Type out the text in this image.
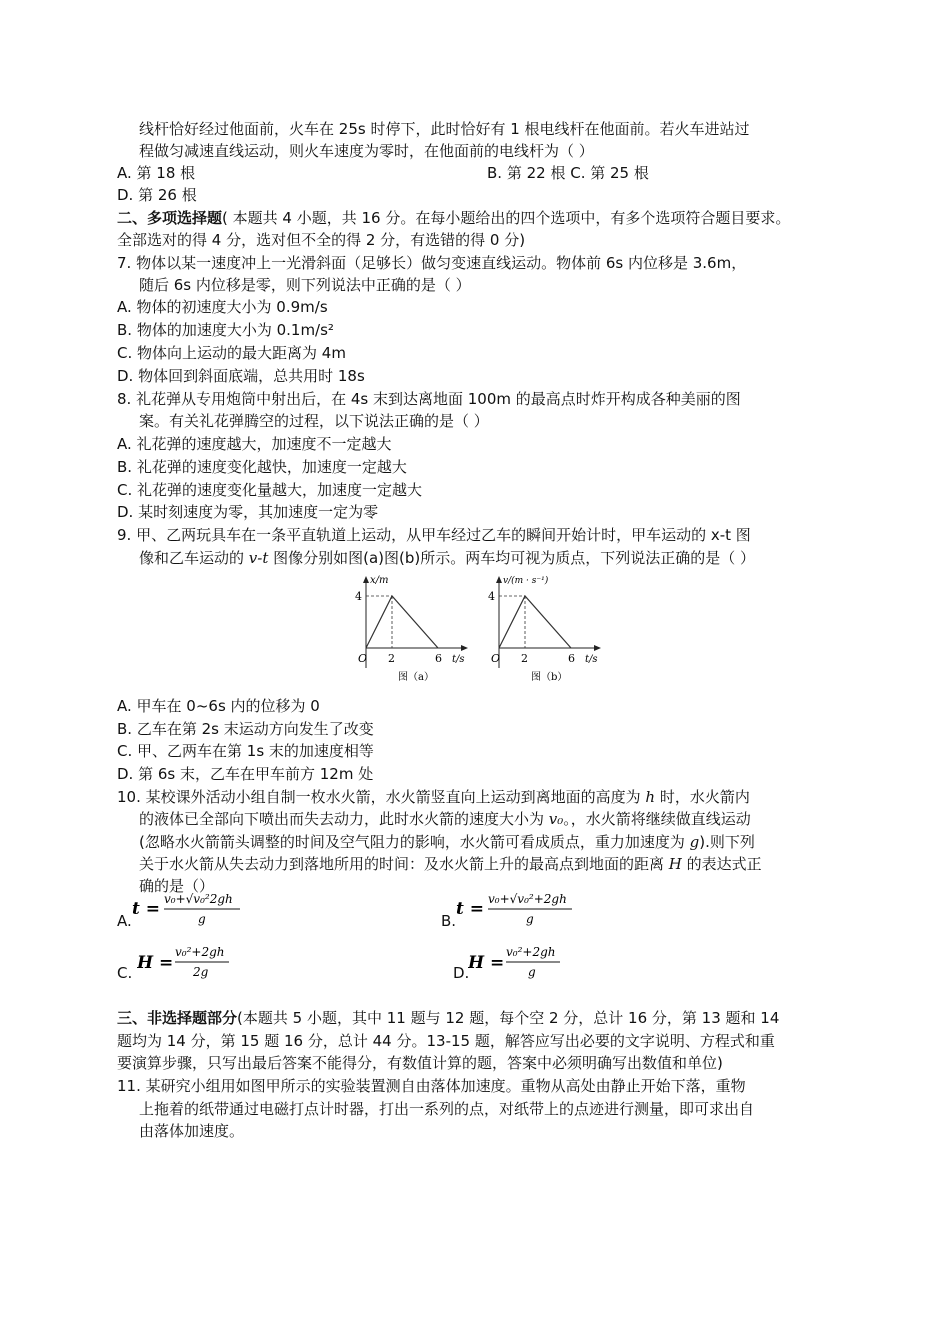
线杆恰好经过他面前，火车在 25s 时停下，此时恰好有 1 根电线杆在他面前。若火车进站过
程做匀减速直线运动，则火车速度为零时，在他面前的电线杆为（ ）
A. 第 18 根	B. 第 22 根 C. 第 25 根
D. 第 26 根
二、多项选择题( 本题共 4 小题，共 16 分。在每小题给出的四个选项中，有多个选项符合题目要求。
全部选对的得 4 分，选对但不全的得 2 分，有选错的得 0 分)
7. 物体以某一速度冲上一光滑斜面（足够长）做匀变速直线运动。物体前 6s 内位移是 3.6m，
随后 6s 内位移是零，则下列说法中正确的是（ ）
A. 物体的初速度大小为 0.9m/s
B. 物体的加速度大小为 0.1m/s²
C. 物体向上运动的最大距离为 4m
D. 物体回到斜面底端，总共用时 18s
8. 礼花弹从专用炮筒中射出后，在 4s 末到达离地面 100m 的最高点时炸开构成各种美丽的图
案。有关礼花弹腾空的过程，以下说法正确的是（ ）
A. 礼花弹的速度越大，加速度不一定越大
B. 礼花弹的速度变化越快，加速度一定越大
C. 礼花弹的速度变化量越大，加速度一定越大
D. 某时刻速度为零，其加速度一定为零
9. 甲、乙两玩具车在一条平直轨道上运动，从甲车经过乙车的瞬间开始计时，甲车运动的 x-t 图
像和乙车运动的 v-t 图像分别如图(a)图(b)所示。两车均可视为质点，下列说法正确的是（ ）
x/m
4
O 2	6 t/s
图（a）
v/(m · s⁻¹)
4
O 2	6 t/s
图（b）
A. 甲车在 0~6s 内的位移为 0
B. 乙车在第 2s 末运动方向发生了改变
C. 甲、乙两车在第 1s 末的加速度相等
D. 第 6s 末，乙车在甲车前方 12m 处
10. 某校课外活动小组自制一枚水火箭，水火箭竖直向上运动到离地面的高度为 h 时，水火箭内
的液体已全部向下喷出而失去动力，此时水火箭的速度大小为 v₀。，水火箭将继续做直线运动
(忽略水火箭箭头调整的时间及空气阻力的影响，水火箭可看成质点，重力加速度为 g).则下列
关于水火箭从失去动力到落地所用的时间：及水火箭上升的最高点到地面的距离 H 的表达式正
确的是（）
A.
t = v₀+√v₀²2gh
g	B.
t = v₀+√v₀²+2gh
g
C. H =
v₀²+2gh
2g	D.
H =
v₀²+2gh
g
三、非选择题部分(本题共 5 小题，其中 11 题与 12 题，每个空 2 分，总计 16 分，第 13 题和 14
题均为 14 分，第 15 题 16 分，总计 44 分。13-15 题，解答应写出必要的文字说明、方程式和重
要演算步骤，只写出最后答案不能得分，有数值计算的题，答案中必须明确写出数值和单位)
11. 某研究小组用如图甲所示的实验装置测自由落体加速度。重物从高处由静止开始下落，重物
上拖着的纸带通过电磁打点计时器，打出一系列的点，对纸带上的点迹进行测量，即可求出自
由落体加速度。
